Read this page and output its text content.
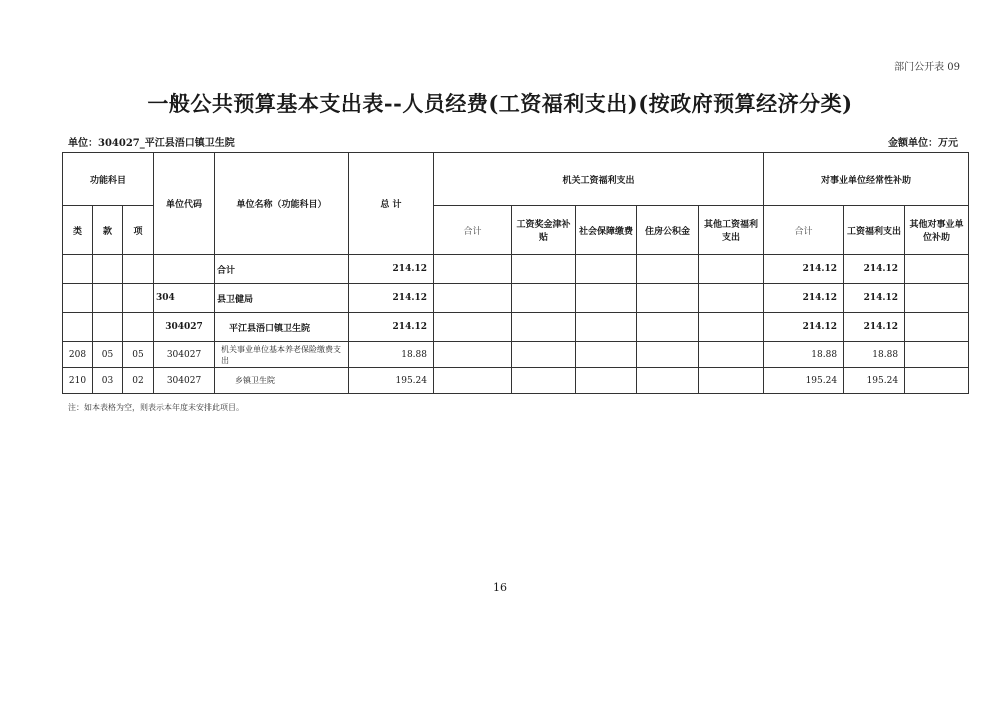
部门公开表 09
一般公共预算基本支出表--人员经费(工资福利支出)(按政府预算经济分类)
单位：304027_平江县浯口镇卫生院	金额单位：万元
功能科目			单位代码	单位名称（功能科目）	总 计	机关工资福利支出					对事业单位经常性补助		
类	款	项				合计	工资奖金津补贴	社会保障缴费	住房公积金	其他工资福利支出	合计	工资福利支出	其他对事业单位补助
				合计	214.12						214.12	214.12	
			304	县卫健局	214.12						214.12	214.12	
			304027	平江县浯口镇卫生院	214.12						214.12	214.12	
208	05	05	304027	机关事业单位基本养老保险缴费支出	18.88						18.88	18.88	
210	03	02	304027	乡镇卫生院	195.24						195.24	195.24	
注：如本表格为空，则表示本年度未安排此项目。
16
